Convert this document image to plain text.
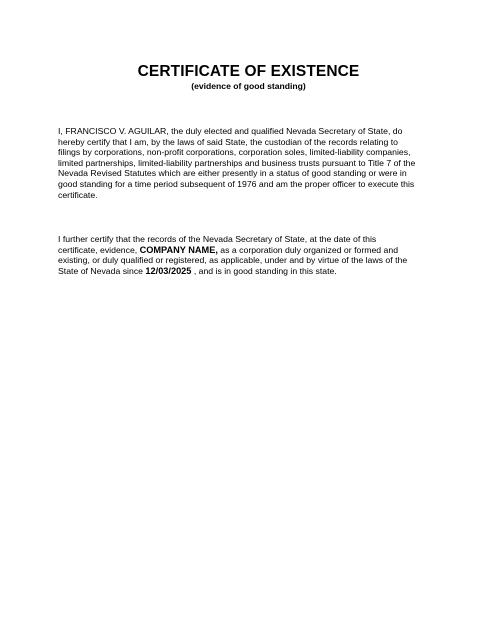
CERTIFICATE OF EXISTENCE
(evidence of good standing)

I, FRANCISCO V. AGUILAR, the duly elected and qualified Nevada Secretary of State, do hereby certify that I am, by the laws of said State, the custodian of the records relating to filings by corporations, non-profit corporations, corporation soles, limited-liability companies, limited partnerships, limited-liability partnerships and business trusts pursuant to Title 7 of the Nevada Revised Statutes which are either presently in a status of good standing or were in good standing for a time period subsequent of 1976 and am the proper officer to execute this certificate.

I further certify that the records of the Nevada Secretary of State, at the date of this certificate, evidence, COMPANY NAME, as a corporation duly organized or formed and existing, or duly qualified or registered, as applicable, under and by virtue of the laws of the State of Nevada since 12/03/2025 , and is in good standing in this state.
